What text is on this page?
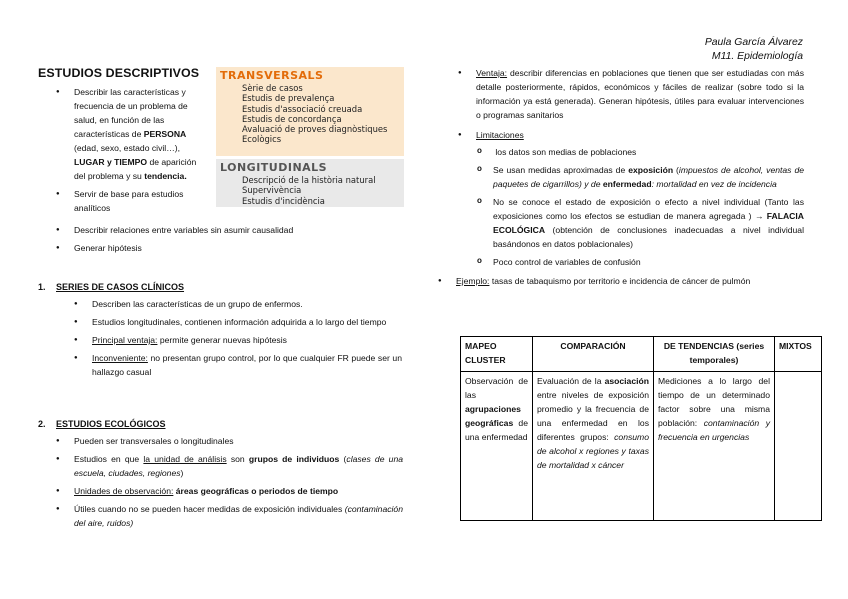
Paula García Álvarez
M11. Epidemiología
ESTUDIOS DESCRIPTIVOS
● Describir las características y frecuencia de un problema de salud, en función de las características de PERSONA (edad, sexo, estado civil…), LUGAR y TIEMPO de aparición del problema y su tendencia.
● Servir de base para estudios analíticos
● Describir relaciones entre variables sin asumir causalidad
● Generar hipótesis
TRANSVERSALS
Sèrie de casos
Estudis de prevalença
Estudis d'associació creuada
Estudis de concordança
Avaluació de proves diagnòstiques
Ecològics
LONGITUDINALS
Descripció de la història natural
Supervivència
Estudis d'incidència
1. SERIES DE CASOS CLÍNICOS
● Describen las características de un grupo de enfermos.
● Estudios longitudinales, contienen información adquirida a lo largo del tiempo
● Principal ventaja: permite generar nuevas hipótesis
● Inconveniente: no presentan grupo control, por lo que cualquier FR puede ser un hallazgo casual
2. ESTUDIOS ECOLÓGICOS
● Pueden ser transversales o longitudinales
● Estudios en que la unidad de análisis son grupos de individuos (clases de una escuela, ciudades, regiones)
● Unidades de observación: áreas geográficas o periodos de tiempo
● Útiles cuando no se pueden hacer medidas de exposición individuales (contaminación del aire, ruidos)
● Ventaja: describir diferencias en poblaciones que tienen que ser estudiadas con más detalle posteriormente, rápidos, económicos y fáciles de realizar (sobre todo si la información ya está generada). Generan hipótesis, útiles para evaluar intervenciones o programas sanitarios
● Limitaciones
o los datos son medias de poblaciones
o Se usan medidas aproximadas de exposición (impuestos de alcohol, ventas de paquetes de cigarrillos) y de enfermedad: mortalidad en vez de incidencia
o No se conoce el estado de exposición o efecto a nivel individual (Tanto las exposiciones como los efectos se estudian de manera agregada ) → FALACIA ECOLÓGICA (obtención de conclusiones inadecuadas a nivel individual basándonos en datos poblacionales)
o Poco control de variables de confusión
● Ejemplo: tasas de tabaquismo por territorio e incidencia de cáncer de pulmón
MAPEO CLUSTER	COMPARACIÓN	DE TENDENCIAS (series temporales)	MIXTOS
Observación de las agrupaciones geográficas de una enfermedad	Evaluación de la asociación entre niveles de exposición promedio y la frecuencia de una enfermedad en los diferentes grupos: consumo de alcohol x regiones y taxas de mortalidad x cáncer	Mediciones a lo largo del tiempo de un determinado factor sobre una misma población: contaminación y frecuencia en urgencias	
